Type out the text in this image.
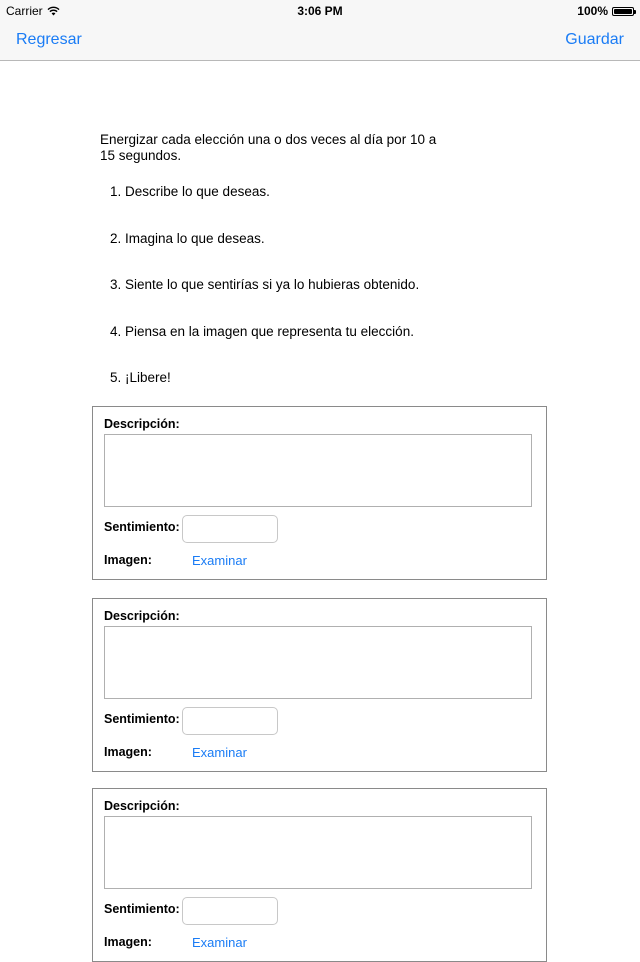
Carrier	3:06 PM	100%
Regresar	Guardar
Energizar cada elección una o dos veces al día por 10 a 15 segundos.
1. Describe lo que deseas.
2. Imagina lo que deseas.
3. Siente lo que sentirías si ya lo hubieras obtenido.
4. Piensa en la imagen que representa tu elección.
5. ¡Libere!
Descripción:
Sentimiento:
Imagen:	Examinar
Descripción:
Sentimiento:
Imagen:	Examinar
Descripción:
Sentimiento:
Imagen:	Examinar
